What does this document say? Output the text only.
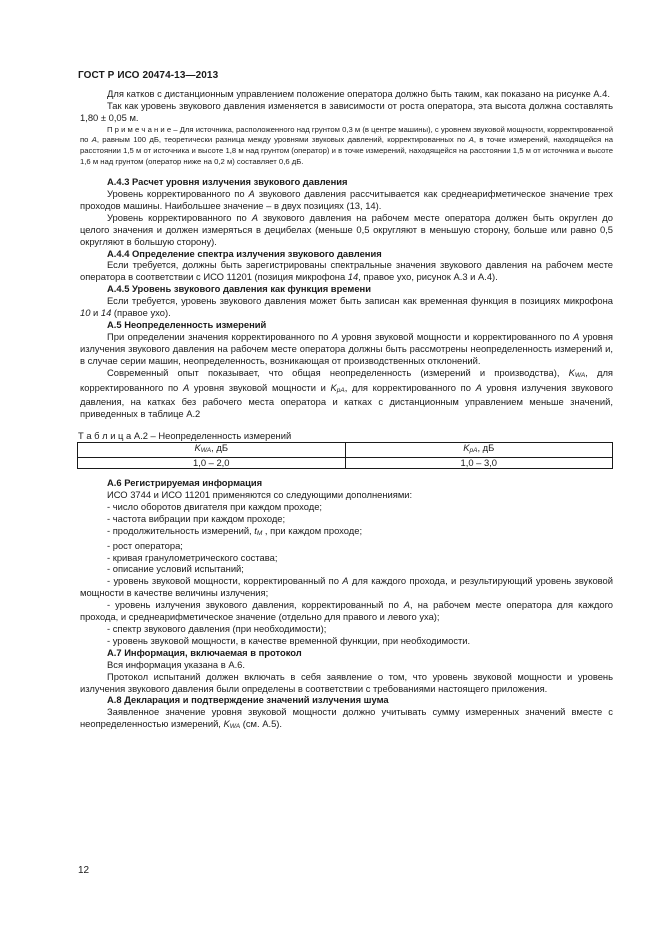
ГОСТ Р ИСО 20474-13—2013

Для катков с дистанционным управлением положение оператора должно быть таким, как показано на рисунке А.4.

Так как уровень звукового давления изменяется в зависимости от роста оператора, эта высота должна составлять 1,80 ± 0,05 м.

П р и м е ч а н и е – Для источника, расположенного над грунтом 0,3 м (в центре машины), с уровнем звуковой мощности, корректированной по А, равным 100 дБ, теоретически разница между уровнями звуковых давлений, корректированных по А, в точке измерений, находящейся на расстоянии 1,5 м от источника и высоте 1,8 м над грунтом (оператор) и в точке измерений, находящейся на расстоянии 1,5 м от источника и высоте 1,6 м над грунтом (оператор ниже на 0,2 м) составляет 0,6 дБ.

А.4.3 Расчет уровня излучения звукового давления

Уровень корректированного по А звукового давления рассчитывается как среднеарифметическое значение трех проходов машины. Наибольшее значение – в двух позициях (13, 14).

Уровень корректированного по А звукового давления на рабочем месте оператора должен быть округлен до целого значения и должен измеряться в децибелах (меньше 0,5 округляют в меньшую сторону, больше или равно 0,5 округляют в большую сторону).

А.4.4 Определение спектра излучения звукового давления

Если требуется, должны быть зарегистрированы спектральные значения звукового давления на рабочем месте оператора в соответствии с ИСО 11201 (позиция микрофона 14, правое ухо, рисунок А.3 и А.4).

А.4.5 Уровень звукового давления как функция времени

Если требуется, уровень звукового давления может быть записан как временная функция в позициях микрофона 10 и 14 (правое ухо).

А.5 Неопределенность измерений

При определении значения корректированного по А уровня звуковой мощности и корректированного по А уровня излучения звукового давления на рабочем месте оператора должны быть рассмотрены неопределенность измерений и, в случае серии машин, неопределенность, возникающая от производственных отклонений.

Современный опыт показывает, что общая неопределенность (измерений и производства), $K_{WA}$, для корректированного по А уровня звуковой мощности и $K_{pA}$, для корректированного по А уровня излучения звукового давления, на катках без рабочего места оператора и катках с дистанционным управлением меньше значений, приведенных в таблице А.2

Т а б л и ц а А.2 – Неопределенность измерений
$K_{WA}$, дБ	$K_{pA}$, дБ
1,0 – 2,0	1,0 – 3,0

А.6 Регистрируемая информация

ИСО 3744 и ИСО 11201 применяются со следующими дополнениями:

- число оборотов двигателя при каждом проходе;

- частота вибрации при каждом проходе;

- продолжительность измерений, $t_M$ , при каждом проходе;

- рост оператора;

- кривая гранулометрического состава;

- описание условий испытаний;

- уровень звуковой мощности, корректированный по А для каждого прохода, и результирующий уровень звуковой мощности в качестве величины излучения;

- уровень излучения звукового давления, корректированный по А, на рабочем месте оператора для каждого прохода, и среднеарифметическое значение (отдельно для правого и левого уха);

- спектр звукового давления (при необходимости);

- уровень звуковой мощности, в качестве временной функции, при необходимости.

А.7 Информация, включаемая в протокол

Вся информация указана в А.6.

Протокол испытаний должен включать в себя заявление о том, что уровень звуковой мощности и уровень излучения звукового давления были определены в соответствии с требованиями настоящего приложения.

А.8 Декларация и подтверждение значений излучения шума

Заявленное значение уровня звуковой мощности должно учитывать сумму измеренных значений вместе с неопределенностью измерений, $K_{WA}$ (см. А.5).

12
